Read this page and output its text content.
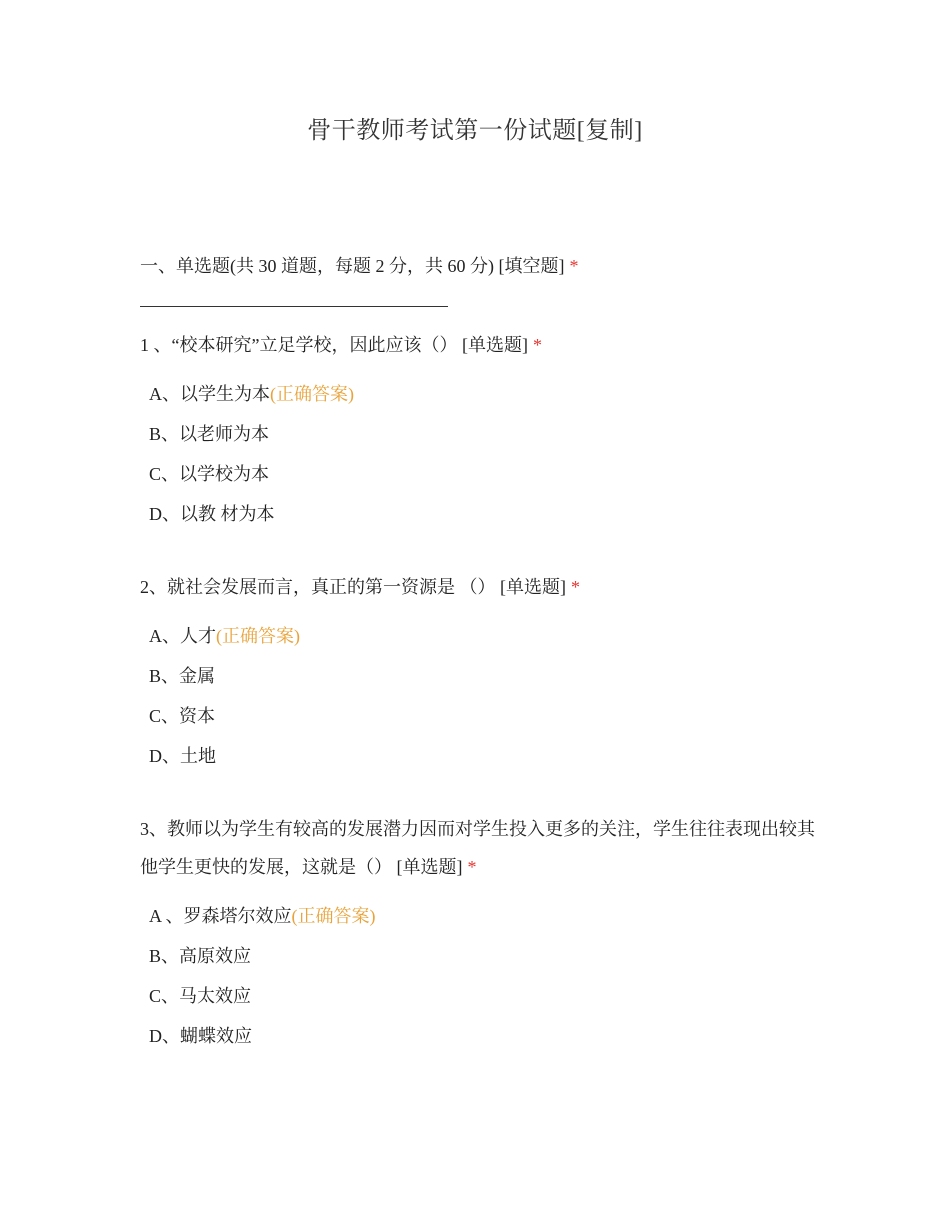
骨干教师考试第一份试题[复制]
一、单选题(共 30 道题，每题 2 分，共 60 分) [填空题] *
1 、“校本研究”立足学校，因此应该（） [单选题] *
A、以学生为本(正确答案)
B、以老师为本
C、以学校为本
D、以教 材为本
2、就社会发展而言，真正的第一资源是 （） [单选题] *
A、人才(正确答案)
B、金属
C、资本
D、土地
3、教师以为学生有较高的发展潜力因而对学生投入更多的关注，学生往往表现出较其他学生更快的发展，这就是（） [单选题] *
A 、罗森塔尔效应(正确答案)
B、高原效应
C、马太效应
D、蝴蝶效应
